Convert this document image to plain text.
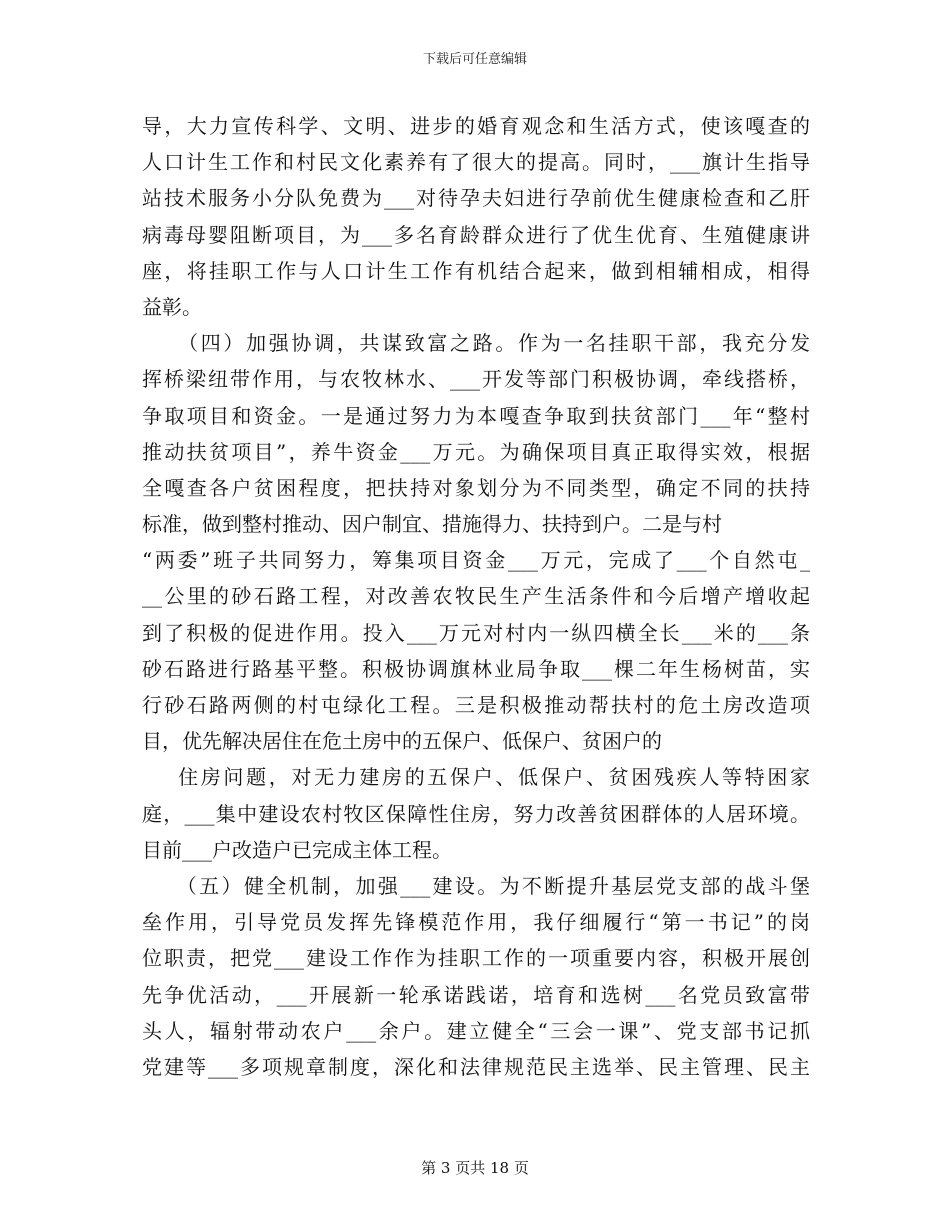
下载后可任意编辑
导，大力宣传科学、文明、进步的婚育观念和生活方式，使该嘎查的
人口计生工作和村民文化素养有了很大的提高。同时，___旗计生指导
站技术服务小分队免费为___对待孕夫妇进行孕前优生健康检查和乙肝
病毒母婴阻断项目，为___多名育龄群众进行了优生优育、生殖健康讲
座，将挂职工作与人口计生工作有机结合起来，做到相辅相成，相得
益彰。
（四）加强协调，共谋致富之路。作为一名挂职干部，我充分发
挥桥梁纽带作用，与农牧林水、___开发等部门积极协调，牵线搭桥，
争取项目和资金。一是通过努力为本嘎查争取到扶贫部门___年“整村
推动扶贫项目”，养牛资金___万元。为确保项目真正取得实效，根据
全嘎查各户贫困程度，把扶持对象划分为不同类型，确定不同的扶持
标准，做到整村推动、因户制宜、措施得力、扶持到户。二是与村
“两委”班子共同努力，筹集项目资金___万元，完成了___个自然屯_
__公里的砂石路工程，对改善农牧民生产生活条件和今后增产增收起
到了积极的促进作用。投入___万元对村内一纵四横全长___米的___条
砂石路进行路基平整。积极协调旗林业局争取___棵二年生杨树苗，实
行砂石路两侧的村屯绿化工程。三是积极推动帮扶村的危土房改造项
目，优先解决居住在危土房中的五保户、低保户、贫困户的
住房问题，对无力建房的五保户、低保户、贫困残疾人等特困家
庭，___集中建设农村牧区保障性住房，努力改善贫困群体的人居环境。
目前___户改造户已完成主体工程。
（五）健全机制，加强___建设。为不断提升基层党支部的战斗堡
垒作用，引导党员发挥先锋模范作用，我仔细履行“第一书记”的岗
位职责，把党___建设工作作为挂职工作的一项重要内容，积极开展创
先争优活动，___开展新一轮承诺践诺，培育和选树___名党员致富带
头人，辐射带动农户___余户。建立健全“三会一课”、党支部书记抓
党建等___多项规章制度，深化和法律规范民主选举、民主管理、民主
第 3 页共 18 页
